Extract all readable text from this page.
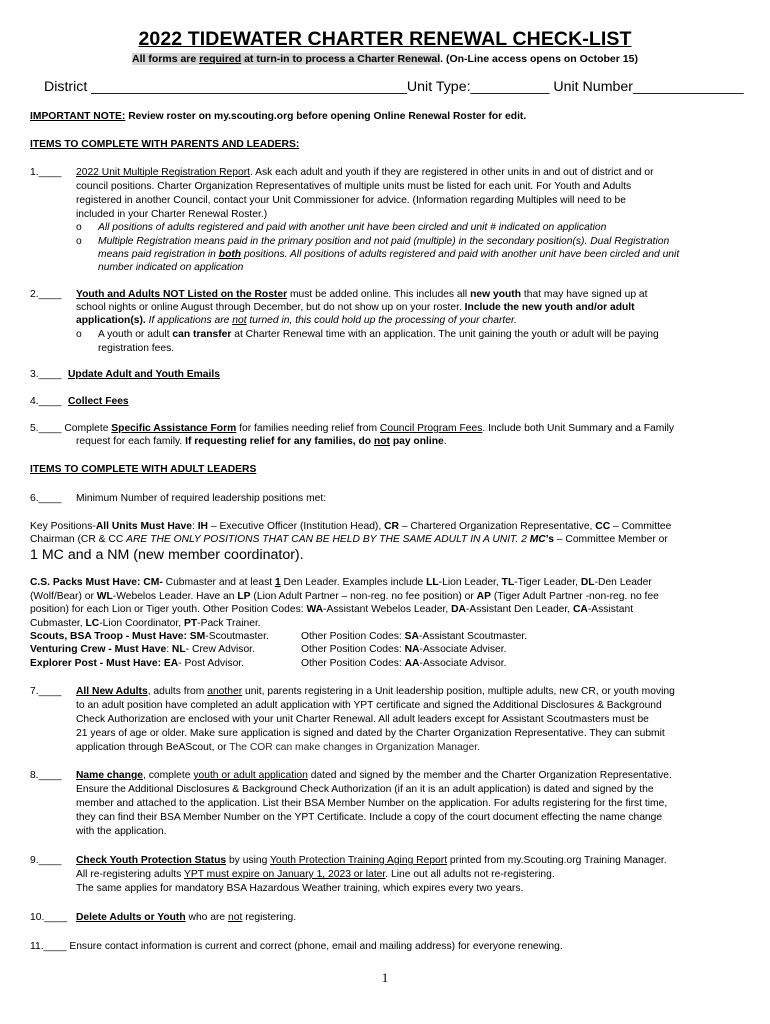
2022 TIDEWATER CHARTER RENEWAL CHECK-LIST
All forms are required at turn-in to process a Charter Renewal. (On-Line access opens on October 15)
District ________________________________________Unit Type:__________ Unit Number______________
IMPORTANT NOTE: Review roster on my.scouting.org before opening Online Renewal Roster for edit.
ITEMS TO COMPLETE WITH PARENTS AND LEADERS:
1.____ 2022 Unit Multiple Registration Report. Ask each adult and youth if they are registered in other units in and out of district and or
council positions. Charter Organization Representatives of multiple units must be listed for each unit. For Youth and Adults
registered in another Council, contact your Unit Commissioner for advice. (Information regarding Multiples will need to be
included in your Charter Renewal Roster.)
o All positions of adults registered and paid with another unit have been circled and unit # indicated on application
o Multiple Registration means paid in the primary position and not paid (multiple) in the secondary position(s). Dual Registration
means paid registration in both positions. All positions of adults registered and paid with another unit have been circled and unit
number indicated on application
2.____ Youth and Adults NOT Listed on the Roster must be added online. This includes all new youth that may have signed up at
school nights or online August through December, but do not show up on your roster. Include the new youth and/or adult
application(s). If applications are not turned in, this could hold up the processing of your charter.
o A youth or adult can transfer at Charter Renewal time with an application. The unit gaining the youth or adult will be paying
registration fees.
3.____ Update Adult and Youth Emails
4.____ Collect Fees
5.____ Complete Specific Assistance Form for families needing relief from Council Program Fees. Include both Unit Summary and a Family
request for each family. If requesting relief for any families, do not pay online.
ITEMS TO COMPLETE WITH ADULT LEADERS
6.____ Minimum Number of required leadership positions met:
Key Positions-All Units Must Have: IH – Executive Officer (Institution Head), CR – Chartered Organization Representative, CC – Committee
Chairman (CR & CC ARE THE ONLY POSITIONS THAT CAN BE HELD BY THE SAME ADULT IN A UNIT. 2 MC’s – Committee Member or
1 MC and a NM (new member coordinator).
C.S. Packs Must Have: CM- Cubmaster and at least 1 Den Leader. Examples include LL-Lion Leader, TL-Tiger Leader, DL-Den Leader
(Wolf/Bear) or WL-Webelos Leader. Have an LP (Lion Adult Partner – non-reg. no fee position) or AP (Tiger Adult Partner -non-reg. no fee
position) for each Lion or Tiger youth. Other Position Codes: WA-Assistant Webelos Leader, DA-Assistant Den Leader, CA-Assistant
Cubmaster, LC-Lion Coordinator, PT-Pack Trainer.
Scouts, BSA Troop - Must Have: SM-Scoutmaster.	Other Position Codes: SA-Assistant Scoutmaster.
Venturing Crew - Must Have: NL- Crew Advisor.	Other Position Codes: NA-Associate Adviser.
Explorer Post - Must Have: EA- Post Advisor.	Other Position Codes: AA-Associate Advisor.
7.____ All New Adults, adults from another unit, parents registering in a Unit leadership position, multiple adults, new CR, or youth moving
to an adult position have completed an adult application with YPT certificate and signed the Additional Disclosures & Background
Check Authorization are enclosed with your unit Charter Renewal. All adult leaders except for Assistant Scoutmasters must be
21 years of age or older. Make sure application is signed and dated by the Charter Organization Representative. They can submit
application through BeAScout, or The COR can make changes in Organization Manager.
8.____ Name change, complete youth or adult application dated and signed by the member and the Charter Organization Representative.
Ensure the Additional Disclosures & Background Check Authorization (if an it is an adult application) is dated and signed by the
member and attached to the application. List their BSA Member Number on the application. For adults registering for the first time,
they can find their BSA Member Number on the YPT Certificate. Include a copy of the court document effecting the name change
with the application.
9.____ Check Youth Protection Status by using Youth Protection Training Aging Report printed from my.Scouting.org Training Manager.
All re-registering adults YPT must expire on January 1, 2023 or later. Line out all adults not re-registering.
The same applies for mandatory BSA Hazardous Weather training, which expires every two years.
10.____ Delete Adults or Youth who are not registering.
11.____ Ensure contact information is current and correct (phone, email and mailing address) for everyone renewing.
1
